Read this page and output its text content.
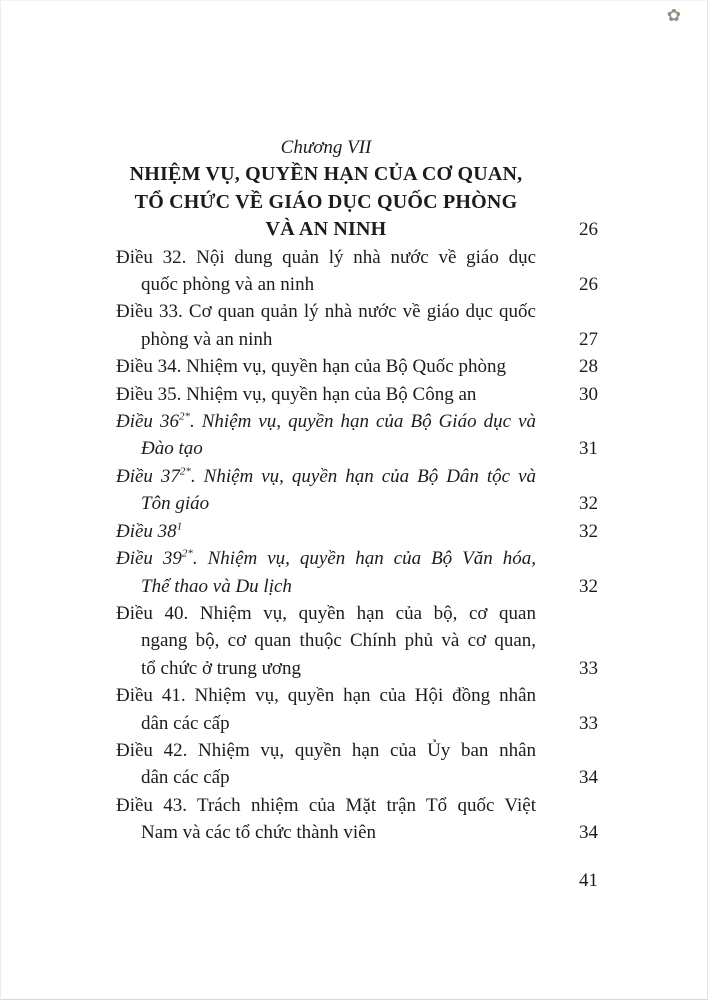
✿
Chương VII
NHIỆM VỤ, QUYỀN HẠN CỦA CƠ QUAN,
TỔ CHỨC VỀ GIÁO DỤC QUỐC PHÒNG
VÀ AN NINH	26
Điều 32. Nội dung quản lý nhà nước về giáo dục
quốc phòng và an ninh	26
Điều 33. Cơ quan quản lý nhà nước về giáo dục quốc
phòng và an ninh	27
Điều 34. Nhiệm vụ, quyền hạn của Bộ Quốc phòng	28
Điều 35. Nhiệm vụ, quyền hạn của Bộ Công an	30
Điều $36^{2*}$. Nhiệm vụ, quyền hạn của Bộ Giáo dục và
Đào tạo	31
Điều $37^{2*}$. Nhiệm vụ, quyền hạn của Bộ Dân tộc và
Tôn giáo	32
Điều $38^1$	32
Điều $39^{2*}$. Nhiệm vụ, quyền hạn của Bộ Văn hóa,
Thể thao và Du lịch	32
Điều 40. Nhiệm vụ, quyền hạn của bộ, cơ quan
ngang bộ, cơ quan thuộc Chính phủ và cơ quan,
tổ chức ở trung ương	33
Điều 41. Nhiệm vụ, quyền hạn của Hội đồng nhân
dân các cấp	33
Điều 42. Nhiệm vụ, quyền hạn của Ủy ban nhân
dân các cấp	34
Điều 43. Trách nhiệm của Mặt trận Tổ quốc Việt
Nam và các tổ chức thành viên	34
41
